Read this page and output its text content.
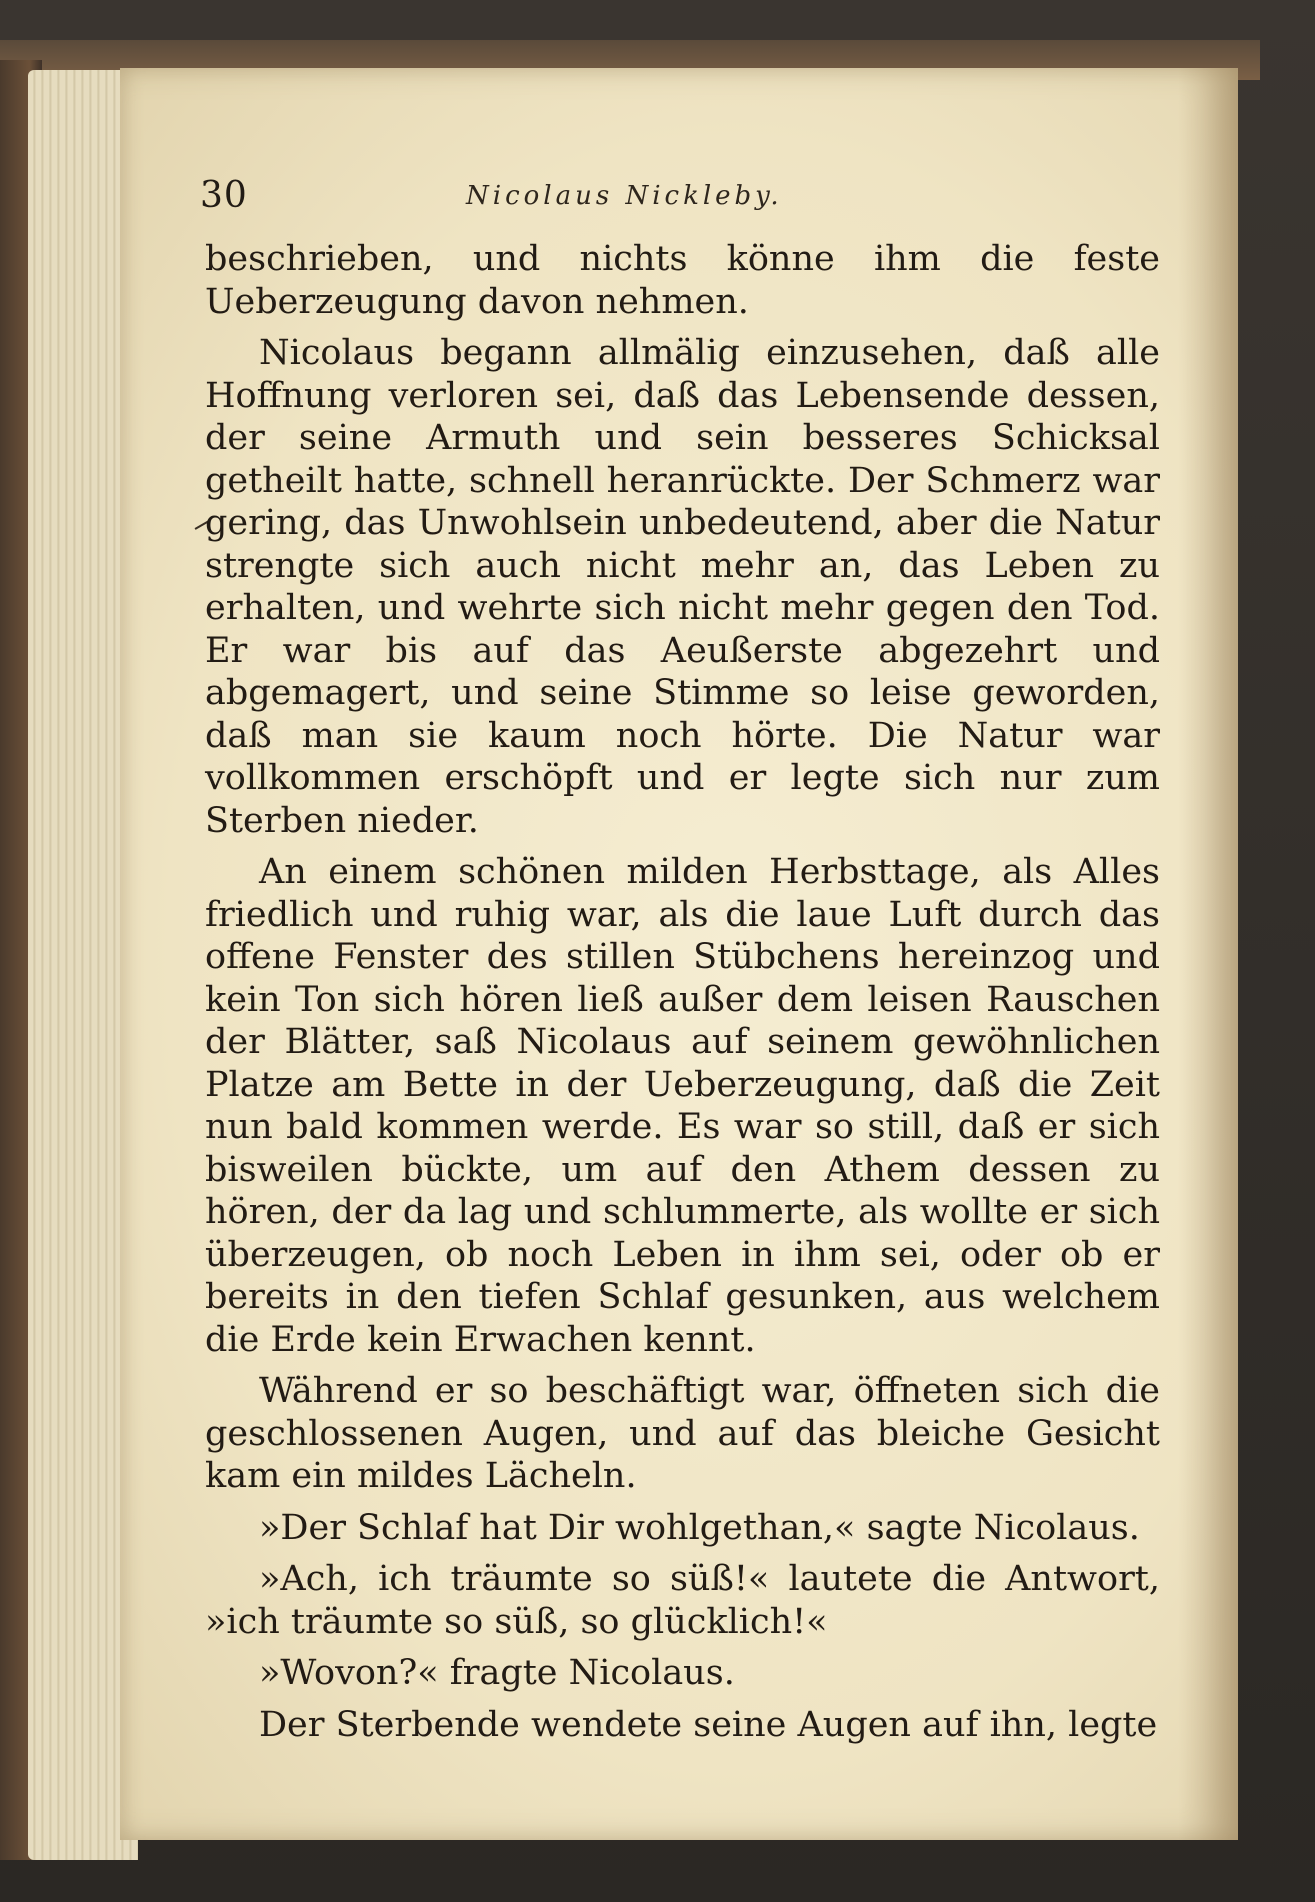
30	Nicolaus Nickleby.

beschrieben, und nichts könne ihm die feste Ueberzeugung davon nehmen.

Nicolaus begann allmälig einzusehen, daß alle Hoffnung verloren sei, daß das Lebensende dessen, der seine Armuth und sein besseres Schicksal getheilt hatte, schnell heranrückte. Der Schmerz war gering, das Unwohlsein unbedeutend, aber die Natur strengte sich auch nicht mehr an, das Leben zu erhalten, und wehrte sich nicht mehr gegen den Tod. Er war bis auf das Aeußerste abgezehrt und abgemagert, und seine Stimme so leise geworden, daß man sie kaum noch hörte. Die Natur war vollkommen erschöpft und er legte sich nur zum Sterben nieder.

An einem schönen milden Herbsttage, als Alles friedlich und ruhig war, als die laue Luft durch das offene Fenster des stillen Stübchens hereinzog und kein Ton sich hören ließ außer dem leisen Rauschen der Blätter, saß Nicolaus auf seinem gewöhnlichen Platze am Bette in der Ueberzeugung, daß die Zeit nun bald kommen werde. Es war so still, daß er sich bisweilen bückte, um auf den Athem dessen zu hören, der da lag und schlummerte, als wollte er sich überzeugen, ob noch Leben in ihm sei, oder ob er bereits in den tiefen Schlaf gesunken, aus welchem die Erde kein Erwachen kennt.

Während er so beschäftigt war, öffneten sich die geschlossenen Augen, und auf das bleiche Gesicht kam ein mildes Lächeln.

»Der Schlaf hat Dir wohlgethan,« sagte Nicolaus.

»Ach, ich träumte so süß!« lautete die Antwort, »ich träumte so süß, so glücklich!«

»Wovon?« fragte Nicolaus.

Der Sterbende wendete seine Augen auf ihn, legte
